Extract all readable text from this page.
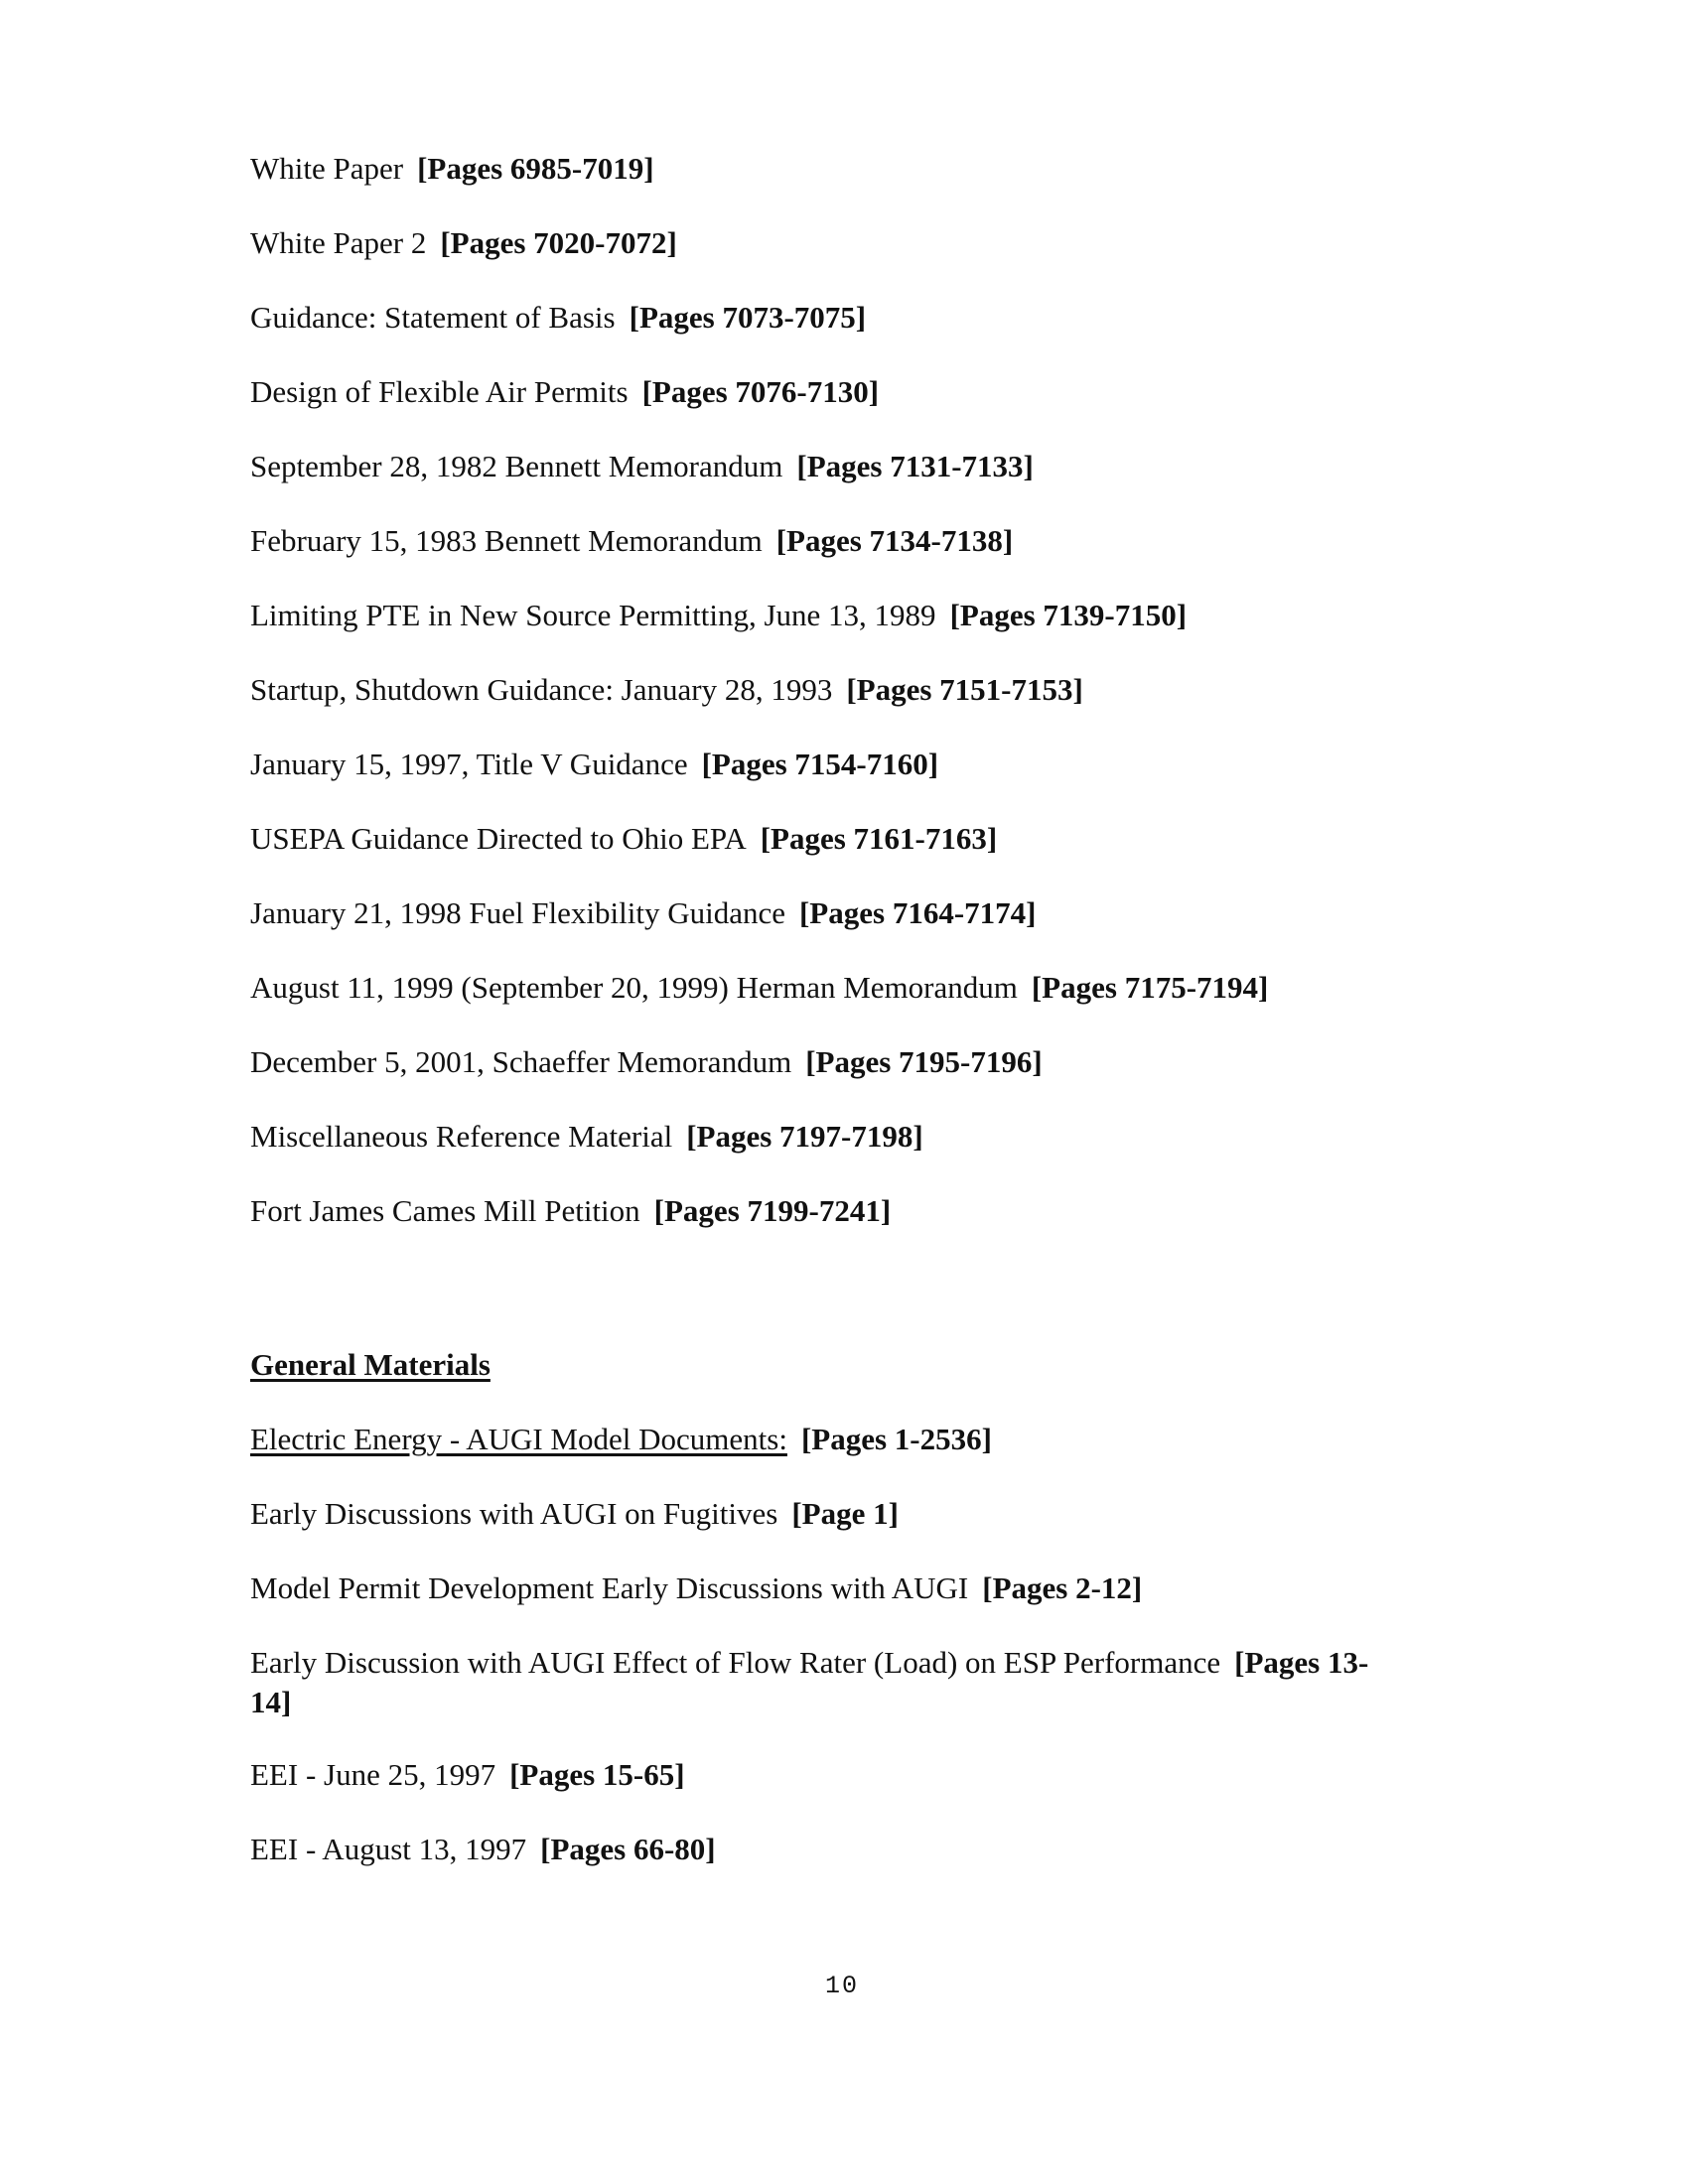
White Paper [Pages 6985-7019]
White Paper 2 [Pages 7020-7072]
Guidance: Statement of Basis [Pages 7073-7075]
Design of Flexible Air Permits [Pages 7076-7130]
September 28, 1982 Bennett Memorandum [Pages 7131-7133]
February 15, 1983 Bennett Memorandum [Pages 7134-7138]
Limiting PTE in New Source Permitting, June 13, 1989 [Pages 7139-7150]
Startup, Shutdown Guidance: January 28, 1993 [Pages 7151-7153]
January 15, 1997, Title V Guidance [Pages 7154-7160]
USEPA Guidance Directed to Ohio EPA [Pages 7161-7163]
January 21, 1998 Fuel Flexibility Guidance [Pages 7164-7174]
August 11, 1999 (September 20, 1999) Herman Memorandum [Pages 7175-7194]
December 5, 2001, Schaeffer Memorandum [Pages 7195-7196]
Miscellaneous Reference Material [Pages 7197-7198]
Fort James Cames Mill Petition [Pages 7199-7241]
General Materials
Electric Energy - AUGI Model Documents: [Pages 1-2536]
Early Discussions with AUGI on Fugitives [Page 1]
Model Permit Development Early Discussions with AUGI [Pages 2-12]
Early Discussion with AUGI Effect of Flow Rater (Load) on ESP Performance [Pages 13-14]
EEI - June 25, 1997 [Pages 15-65]
EEI - August 13, 1997 [Pages 66-80]
10
